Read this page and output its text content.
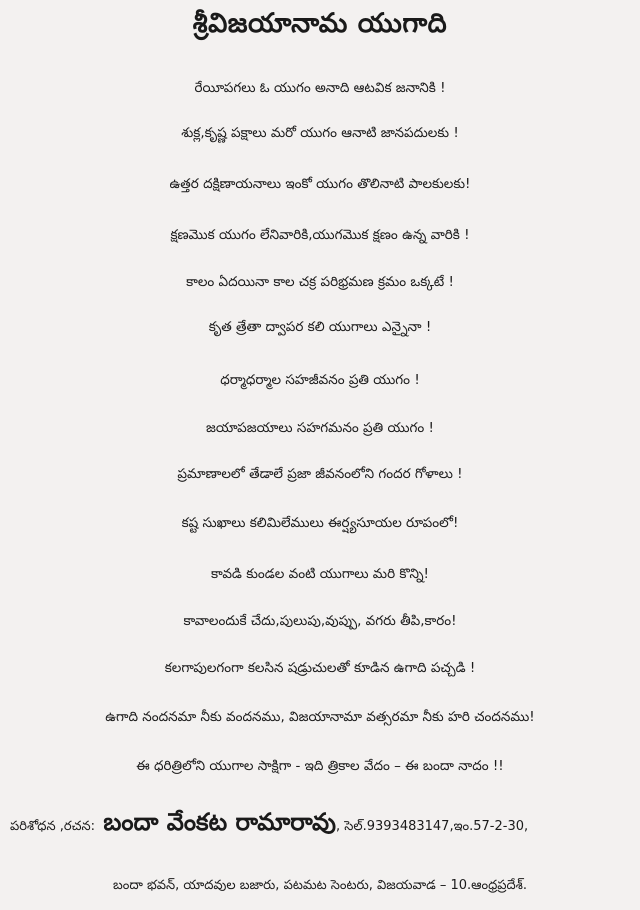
శ్రీవిజయానామ యుగాది
రేయీపగలు ఓ యుగం అనాది ఆటవిక జనానికి !
శుక్ల,కృష్ణ పక్షాలు మరో యుగం ఆనాటి జానపదులకు !
ఉత్తర దక్షిణాయనాలు ఇంకో యుగం తొలినాటి పాలకులకు!
క్షణమొక యుగం లేనివారికి,యుగమొక క్షణం ఉన్న వారికి !
కాలం ఏదయినా కాల చక్ర పరిభ్రమణ క్రమం ఒక్కటే !
కృత త్రేతా ద్వాపర కలి యుగాలు ఎన్నైనా !
ధర్మాధర్మాల సహజీవనం ప్రతి యుగం !
జయాపజయాలు సహగమనం ప్రతి యుగం !
ప్రమాణాలలో తేడాలే ప్రజా జీవనంలోని గందర గోళాలు !
కష్ట సుఖాలు కలిమిలేములు ఈర్ష్యసూయల రూపంలో!
కావడి కుండల వంటి యుగాలు మరి కొన్ని!
కావాలందుకే చేదు,పులుపు,వుప్పు, వగరు తీపి,కారం!
కలగాపులగంగా కలసిన షడ్రుచులతో కూడిన ఉగాది పచ్చడి !
ఉగాది నందనమా నీకు వందనము, విజయానామా వత్సరమా నీకు హరి చందనము!
ఈ ధరిత్రిలోని యుగాల సాక్షిగా - ఇది త్రికాల వేదం – ఈ బందా నాదం !!
పరిశోధన ,రచన: బందా వేంకట రామారావు, సెల్.9393483147,ఇం.57-2-30,
బందా భవన్, యాదవుల బజారు, పటమట సెంటరు, విజయవాడ – 10.ఆంధ్రప్రదేశ్.
